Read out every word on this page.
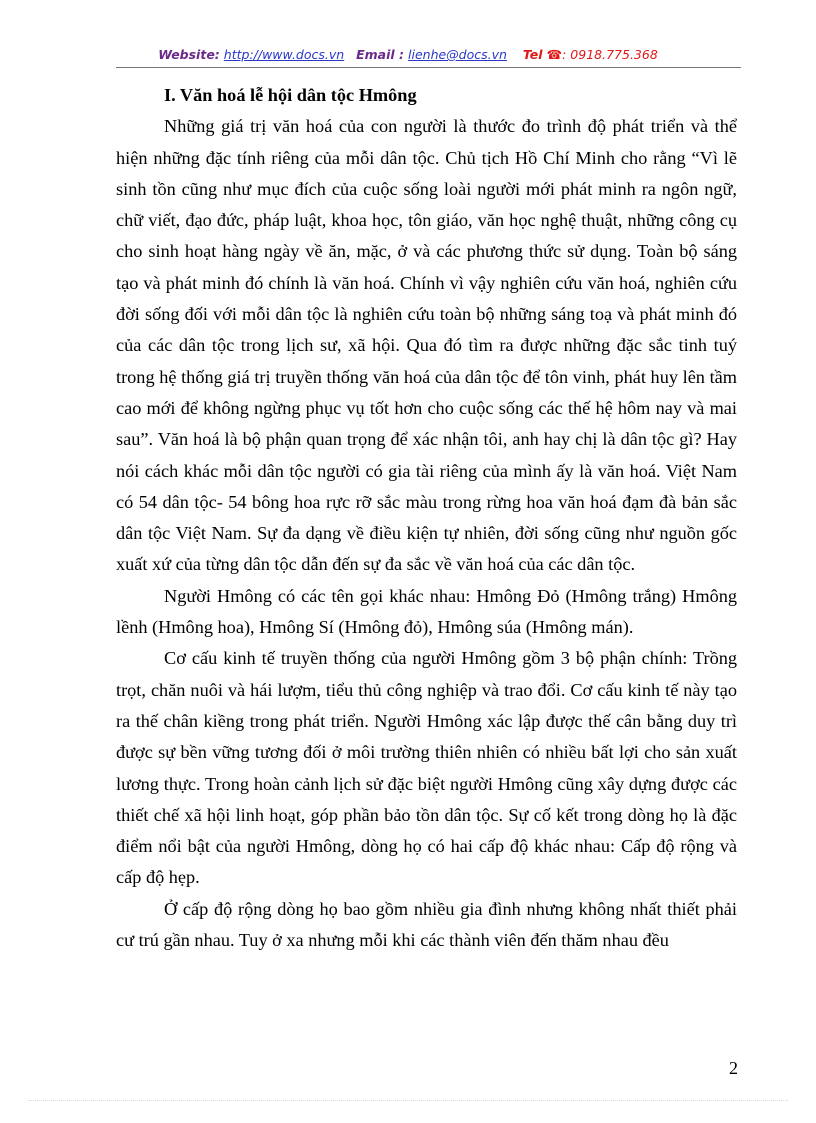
Website: http://www.docs.vn Email : lienhe@docs.vn Tel ☎: 0918.775.368

I. Văn hoá lễ hội dân tộc Hmông

Những giá trị văn hoá của con người là thước đo trình độ phát triển và thể hiện những đặc tính riêng của mỗi dân tộc. Chủ tịch Hồ Chí Minh cho rằng “Vì lẽ sinh tồn cũng như mục đích của cuộc sống loài người mới phát minh ra ngôn ngữ, chữ viết, đạo đức, pháp luật, khoa học, tôn giáo, văn học nghệ thuật, những công cụ cho sinh hoạt hàng ngày về ăn, mặc, ở và các phương thức sử dụng. Toàn bộ sáng tạo và phát minh đó chính là văn hoá. Chính vì vậy nghiên cứu văn hoá, nghiên cứu đời sống đối với mỗi dân tộc là nghiên cứu toàn bộ những sáng toạ và phát minh đó của các dân tộc trong lịch sư, xã hội. Qua đó tìm ra được những đặc sắc tinh tuý trong hệ thống giá trị truyền thống văn hoá của dân tộc để tôn vinh, phát huy lên tầm cao mới để không ngừng phục vụ tốt hơn cho cuộc sống các thế hệ hôm nay và mai sau”. Văn hoá là bộ phận quan trọng để xác nhận tôi, anh hay chị là dân tộc gì? Hay nói cách khác mỗi dân tộc người có gia tài riêng của mình ấy là văn hoá. Việt Nam có 54 dân tộc- 54 bông hoa rực rỡ sắc màu trong rừng hoa văn hoá đạm đà bản sắc dân tộc Việt Nam. Sự đa dạng về điều kiện tự nhiên, đời sống cũng như nguồn gốc xuất xứ của từng dân tộc dẫn đến sự đa sắc về văn hoá của các dân tộc.

Người Hmông có các tên gọi khác nhau: Hmông Đỏ (Hmông trắng) Hmông lềnh (Hmông hoa), Hmông Sí (Hmông đỏ), Hmông súa (Hmông mán).

Cơ cấu kinh tế truyền thống của người Hmông gồm 3 bộ phận chính: Trồng trọt, chăn nuôi và hái lượm, tiểu thủ công nghiệp và trao đổi. Cơ cấu kinh tế này tạo ra thế chân kiềng trong phát triển. Người Hmông xác lập được thế cân bằng duy trì được sự bền vững tương đối ở môi trường thiên nhiên có nhiều bất lợi cho sản xuất lương thực. Trong hoàn cảnh lịch sử đặc biệt người Hmông cũng xây dựng được các thiết chế xã hội linh hoạt, góp phần bảo tồn dân tộc. Sự cố kết trong dòng họ là đặc điểm nổi bật của người Hmông, dòng họ có hai cấp độ khác nhau: Cấp độ rộng và cấp độ hẹp.

Ở cấp độ rộng dòng họ bao gồm nhiều gia đình nhưng không nhất thiết phải cư trú gần nhau. Tuy ở xa nhưng mỗi khi các thành viên đến thăm nhau đều

2
